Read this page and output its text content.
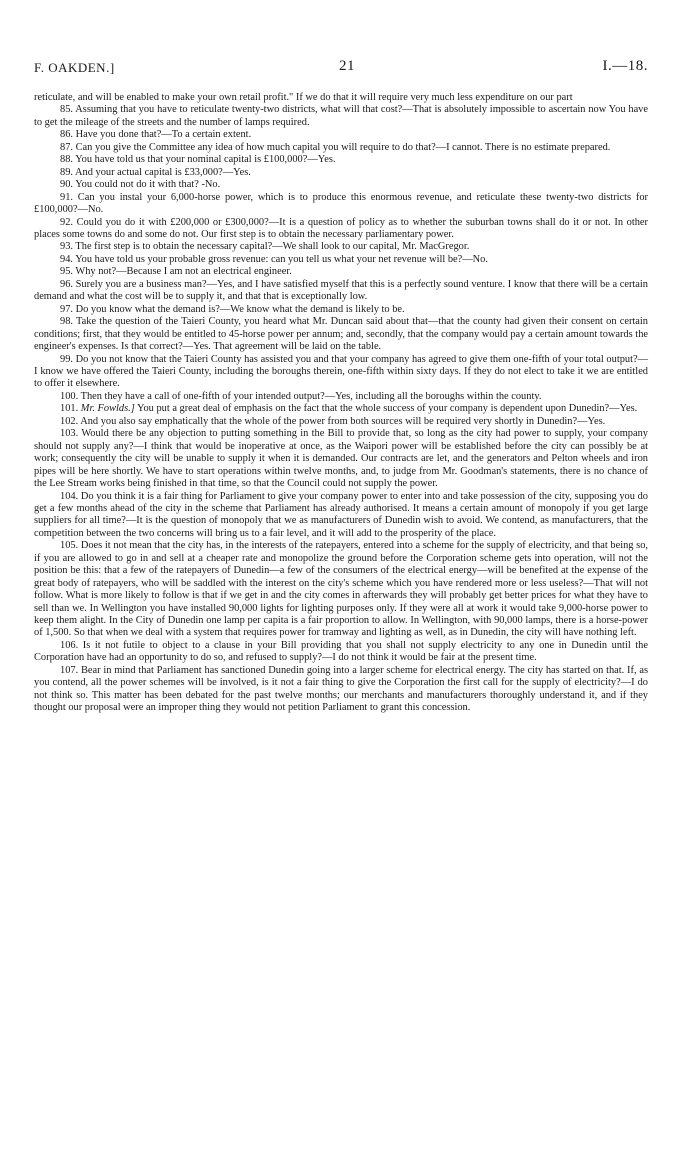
F. OAKDEN.]	21	I.—18.

reticulate, and will be enabled to make your own retail profit." If we do that it will require very much less expenditure on our part

85. Assuming that you have to reticulate twenty-two districts, what will that cost?—That is absolutely impossible to ascertain now You have to get the mileage of the streets and the number of lamps required.

86. Have you done that?—To a certain extent.

87. Can you give the Committee any idea of how much capital you will require to do that?—I cannot. There is no estimate prepared.

88. You have told us that your nominal capital is £100,000?—Yes.

89. And your actual capital is £33,000?—Yes.

90. You could not do it with that? -No.

91. Can you instal your 6,000-horse power, which is to produce this enormous revenue, and reticulate these twenty-two districts for £100,000?—No.

92. Could you do it with £200,000 or £300,000?—It is a question of policy as to whether the suburban towns shall do it or not. In other places some towns do and some do not. Our first step is to obtain the necessary parliamentary power.

93. The first step is to obtain the necessary capital?—We shall look to our capital, Mr. MacGregor.

94. You have told us your probable gross revenue: can you tell us what your net revenue will be?—No.

95. Why not?—Because I am not an electrical engineer.

96. Surely you are a business man?—Yes, and I have satisfied myself that this is a perfectly sound venture. I know that there will be a certain demand and what the cost will be to supply it, and that that is exceptionally low.

97. Do you know what the demand is?—We know what the demand is likely to be.

98. Take the question of the Taieri County, you heard what Mr. Duncan said about that—that the county had given their consent on certain conditions; first, that they would be entitled to 45-horse power per annum; and, secondly, that the company would pay a certain amount towards the engineer's expenses. Is that correct?—Yes. That agreement will be laid on the table.

99. Do you not know that the Taieri County has assisted you and that your company has agreed to give them one-fifth of your total output?—I know we have offered the Taieri County, including the boroughs therein, one-fifth within sixty days. If they do not elect to take it we are entitled to offer it elsewhere.

100. Then they have a call of one-fifth of your intended output?—Yes, including all the boroughs within the county.

101. Mr. Fowlds.] You put a great deal of emphasis on the fact that the whole success of your company is dependent upon Dunedin?—Yes.

102. And you also say emphatically that the whole of the power from both sources will be required very shortly in Dunedin?—Yes.

103. Would there be any objection to putting something in the Bill to provide that, so long as the city had power to supply, your company should not supply any?—I think that would be inoperative at once, as the Waipori power will be established before the city can possibly be at work; consequently the city will be unable to supply it when it is demanded. Our contracts are let, and the generators and Pelton wheels and iron pipes will be here shortly. We have to start operations within twelve months, and, to judge from Mr. Goodman's statements, there is no chance of the Lee Stream works being finished in that time, so that the Council could not supply the power.

104. Do you think it is a fair thing for Parliament to give your company power to enter into and take possession of the city, supposing you do get a few months ahead of the city in the scheme that Parliament has already authorised. It means a certain amount of monopoly if you get large suppliers for all time?—It is the question of monopoly that we as manufacturers of Dunedin wish to avoid. We contend, as manufacturers, that the competition between the two concerns will bring us to a fair level, and it will add to the prosperity of the place.

105. Does it not mean that the city has, in the interests of the ratepayers, entered into a scheme for the supply of electricity, and that being so, if you are allowed to go in and sell at a cheaper rate and monopolize the ground before the Corporation scheme gets into operation, will not the position be this: that a few of the ratepayers of Dunedin—a few of the consumers of the electrical energy—will be benefited at the expense of the great body of ratepayers, who will be saddled with the interest on the city's scheme which you have rendered more or less useless?—That will not follow. What is more likely to follow is that if we get in and the city comes in afterwards they will probably get better prices for what they have to sell than we. In Wellington you have installed 90,000 lights for lighting purposes only. If they were all at work it would take 9,000-horse power to keep them alight. In the City of Dunedin one lamp per capita is a fair proportion to allow. In Wellington, with 90,000 lamps, there is a horse-power of 1,500. So that when we deal with a system that requires power for tramway and lighting as well, as in Dunedin, the city will have nothing left.

106. Is it not futile to object to a clause in your Bill providing that you shall not supply electricity to any one in Dunedin until the Corporation have had an opportunity to do so, and refused to supply?—I do not think it would be fair at the present time.

107. Bear in mind that Parliament has sanctioned Dunedin going into a larger scheme for electrical energy. The city has started on that. If, as you contend, all the power schemes will be involved, is it not a fair thing to give the Corporation the first call for the supply of electricity?—I do not think so. This matter has been debated for the past twelve months; our merchants and manufacturers thoroughly understand it, and if they thought our proposal were an improper thing they would not petition Parliament to grant this concession.
